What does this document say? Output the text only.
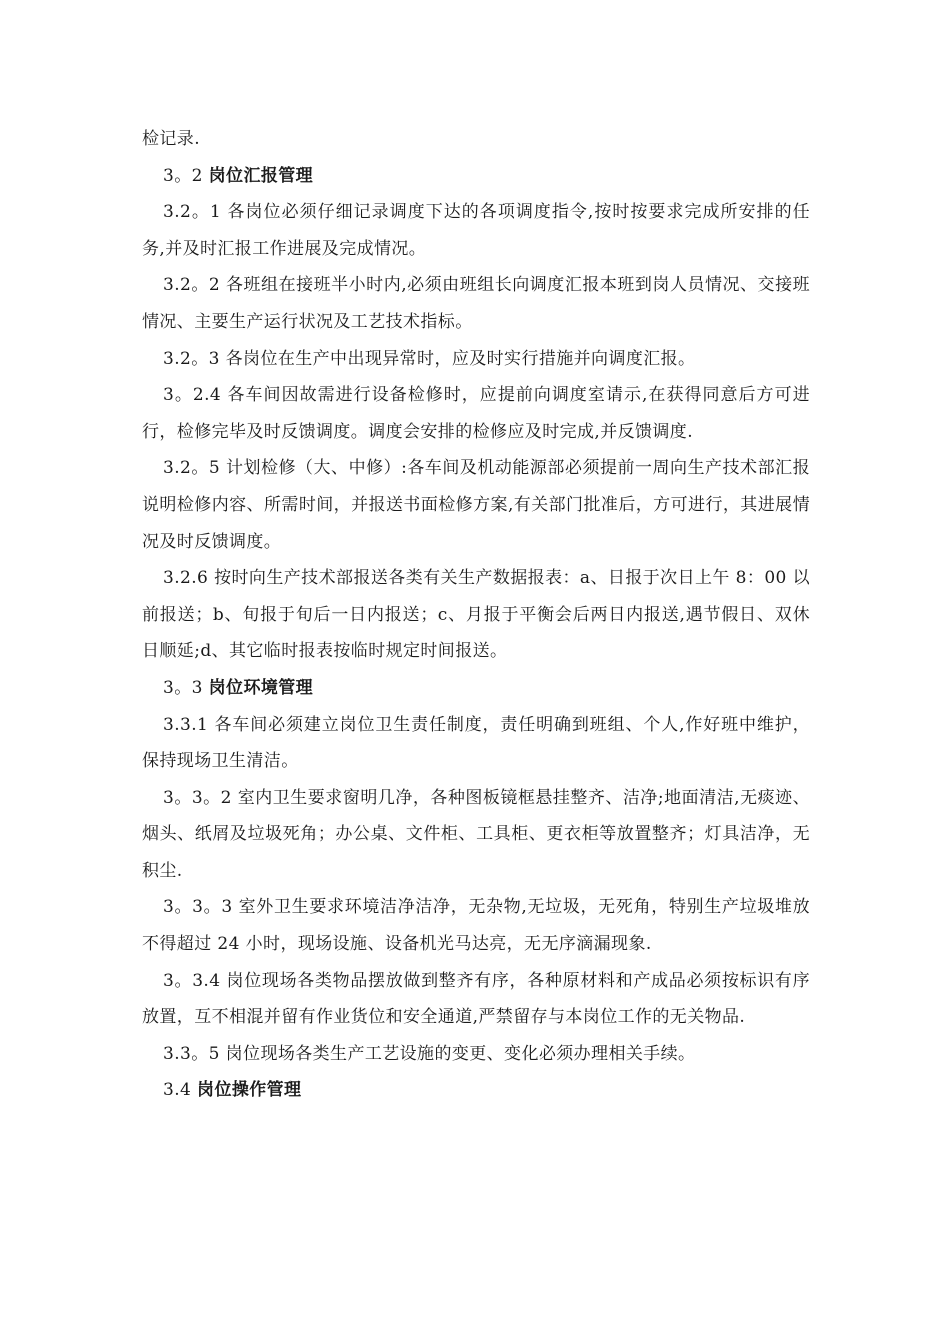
检记录.

3。2 岗位汇报管理

3.2。1 各岗位必须仔细记录调度下达的各项调度指令,按时按要求完成所安排的任务,并及时汇报工作进展及完成情况。

3.2。2 各班组在接班半小时内,必须由班组长向调度汇报本班到岗人员情况、交接班情况、主要生产运行状况及工艺技术指标。

3.2。3 各岗位在生产中出现异常时，应及时实行措施并向调度汇报。

3。2.4 各车间因故需进行设备检修时，应提前向调度室请示,在获得同意后方可进行，检修完毕及时反馈调度。调度会安排的检修应及时完成,并反馈调度.

3.2。5 计划检修（大、中修）:各车间及机动能源部必须提前一周向生产技术部汇报说明检修内容、所需时间，并报送书面检修方案,有关部门批准后，方可进行，其进展情况及时反馈调度。

3.2.6 按时向生产技术部报送各类有关生产数据报表：a、日报于次日上午 8：00 以前报送；b、旬报于旬后一日内报送；c、月报于平衡会后两日内报送,遇节假日、双休日顺延;d、其它临时报表按临时规定时间报送。

3。3 岗位环境管理

3.3.1 各车间必须建立岗位卫生责任制度，责任明确到班组、个人,作好班中维护，保持现场卫生清洁。

3。3。2 室内卫生要求窗明几净，各种图板镜框悬挂整齐、洁净;地面清洁,无痰迹、烟头、纸屑及垃圾死角；办公桌、文件柜、工具柜、更衣柜等放置整齐；灯具洁净，无积尘.

3。3。3 室外卫生要求环境洁净洁净，无杂物,无垃圾，无死角，特别生产垃圾堆放不得超过 24 小时，现场设施、设备机光马达亮，无无序滴漏现象.

3。3.4 岗位现场各类物品摆放做到整齐有序，各种原材料和产成品必须按标识有序放置，互不相混并留有作业货位和安全通道,严禁留存与本岗位工作的无关物品.

3.3。5 岗位现场各类生产工艺设施的变更、变化必须办理相关手续。

3.4 岗位操作管理
